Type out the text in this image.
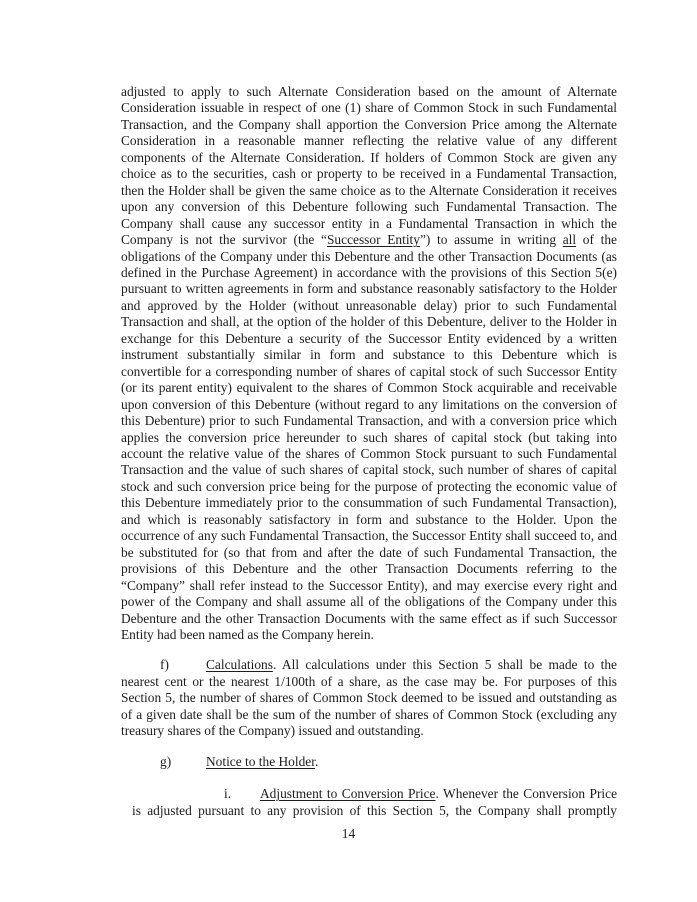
adjusted to apply to such Alternate Consideration based on the amount of Alternate Consideration issuable in respect of one (1) share of Common Stock in such Fundamental Transaction, and the Company shall apportion the Conversion Price among the Alternate Consideration in a reasonable manner reflecting the relative value of any different components of the Alternate Consideration. If holders of Common Stock are given any choice as to the securities, cash or property to be received in a Fundamental Transaction, then the Holder shall be given the same choice as to the Alternate Consideration it receives upon any conversion of this Debenture following such Fundamental Transaction. The Company shall cause any successor entity in a Fundamental Transaction in which the Company is not the survivor (the “Successor Entity”) to assume in writing all of the obligations of the Company under this Debenture and the other Transaction Documents (as defined in the Purchase Agreement) in accordance with the provisions of this Section 5(e) pursuant to written agreements in form and substance reasonably satisfactory to the Holder and approved by the Holder (without unreasonable delay) prior to such Fundamental Transaction and shall, at the option of the holder of this Debenture, deliver to the Holder in exchange for this Debenture a security of the Successor Entity evidenced by a written instrument substantially similar in form and substance to this Debenture which is convertible for a corresponding number of shares of capital stock of such Successor Entity (or its parent entity) equivalent to the shares of Common Stock acquirable and receivable upon conversion of this Debenture (without regard to any limitations on the conversion of this Debenture) prior to such Fundamental Transaction, and with a conversion price which applies the conversion price hereunder to such shares of capital stock (but taking into account the relative value of the shares of Common Stock pursuant to such Fundamental Transaction and the value of such shares of capital stock, such number of shares of capital stock and such conversion price being for the purpose of protecting the economic value of this Debenture immediately prior to the consummation of such Fundamental Transaction), and which is reasonably satisfactory in form and substance to the Holder. Upon the occurrence of any such Fundamental Transaction, the Successor Entity shall succeed to, and be substituted for (so that from and after the date of such Fundamental Transaction, the provisions of this Debenture and the other Transaction Documents referring to the “Company” shall refer instead to the Successor Entity), and may exercise every right and power of the Company and shall assume all of the obligations of the Company under this Debenture and the other Transaction Documents with the same effect as if such Successor Entity had been named as the Company herein.

f)	Calculations. All calculations under this Section 5 shall be made to the nearest cent or the nearest 1/100th of a share, as the case may be. For purposes of this Section 5, the number of shares of Common Stock deemed to be issued and outstanding as of a given date shall be the sum of the number of shares of Common Stock (excluding any treasury shares of the Company) issued and outstanding.

g)	Notice to the Holder.

i. Adjustment to Conversion Price. Whenever the Conversion Price is adjusted pursuant to any provision of this Section 5, the Company shall promptly

14
